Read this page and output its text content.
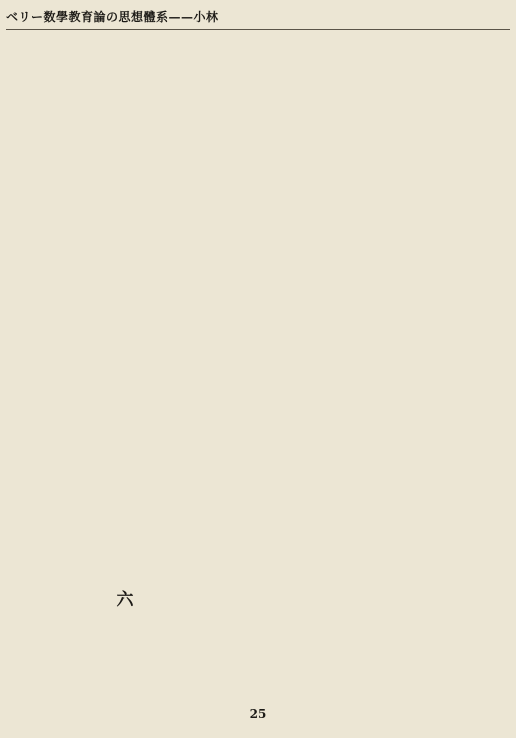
ベリー数學教育論の思想體系——小林
六
25
